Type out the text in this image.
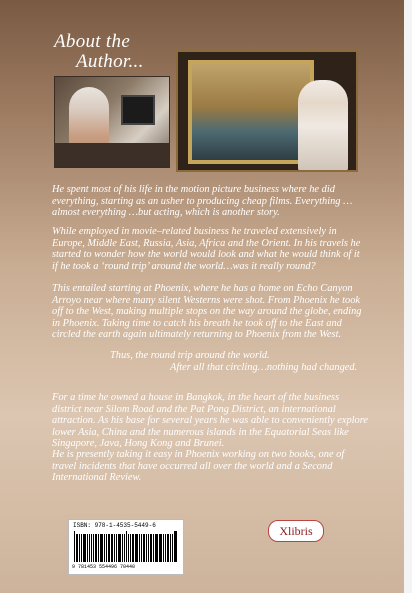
About the
Author...
He spent most of his life in the motion picture business where he did everything, starting as an usher to producing cheap films. Everything …almost everything …but acting, which is another story.
While employed in movie–related business he traveled extensively in Europe, Middle East, Russia, Asia, Africa and the Orient. In his travels he started to wonder how the world would look and what he would think of it if he took a ‘round trip’ around the world…was it really round?
This entailed starting at Phoenix, where he has a home on Echo Canyon Arroyo near where many silent Westerns were shot. From Phoenix he took off to the West, making multiple stops on the way around the globe, ending in Phoenix. Taking time to catch his breath he took off to the East and circled the earth again ultimately returning to Phoenix from the West.
Thus, the round trip around the world.
After all that circling…nothing had changed.
For a time he owned a house in Bangkok, in the heart of the business district near Silom Road and the Pat Pong District, an international attraction. As his base for several years he was able to conveniently explore lower Asia, China and the numerous islands in the Equatorial Seas like Singapore, Java, Hong Kong and Brunei.
He is presently taking it easy in Phoenix working on two books, one of travel incidents that have occurred all over the world and a Second International Review.
ISBN: 978-1-4535-5449-6
9 781453 554496 70440
Xlibris
